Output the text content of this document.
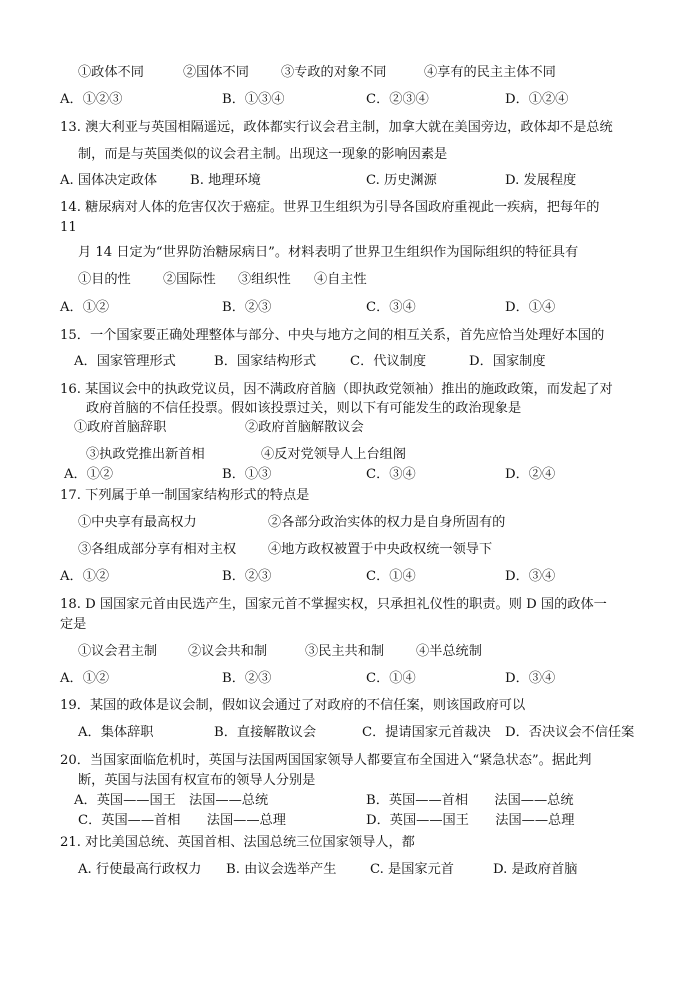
①政体不同	②国体不同 ③专政的对象不同	④享有的民主主体不同
A．①②③	B．①③④	C．②③④	D．①②④
13. 澳大利亚与英国相隔遥远，政体都实行议会君主制，加拿大就在美国旁边，政体却不是总统
制，而是与英国类似的议会君主制。出现这一现象的影响因素是
A. 国体决定政体 B. 地理环境	C. 历史渊源	D. 发展程度
14. 糖尿病对人体的危害仅次于癌症。世界卫生组织为引导各国政府重视此一疾病，把每年的
11
月 14 日定为“世界防治糖尿病日”。材料表明了世界卫生组织作为国际组织的特征具有
①目的性 ②国际性 ③组织性 ④自主性
A．①②	B．②③	C．③④	D．①④
15．一个国家要正确处理整体与部分、中央与地方之间的相互关系，首先应恰当处理好本国的
A．国家管理形式	B．国家结构形式	C．代议制度	D．国家制度
16. 某国议会中的执政党议员，因不满政府首脑（即执政党领袖）推出的施政政策，而发起了对
政府首脑的不信任投票。假如该投票过关，则以下有可能发生的政治现象是
①政府首脑辞职	②政府首脑解散议会
③执政党推出新首相	④反对党领导人上台组阁
A．①②	B．①③	C．③④	D．②④
17. 下列属于单一制国家结构形式的特点是
①中央享有最高权力	②各部分政治实体的权力是自身所固有的
③各组成部分享有相对主权 ④地方政权被置于中央政权统一领导下
A．①②	B．②③	C．①④	D．③④
18. D 国国家元首由民选产生，国家元首不掌握实权，只承担礼仪性的职责。则 D 国的政体一
定是
①议会君主制 ②议会共和制	③民主共和制 ④半总统制
A．①②	B．②③	C．①④	D．③④
19．某国的政体是议会制，假如议会通过了对政府的不信任案，则该国政府可以
A．集体辞职	B．直接解散议会	C．提请国家元首裁决 D．否决议会不信任案
20．当国家面临危机时，英国与法国两国国家领导人都要宣布全国进入“紧急状态”。据此判
断，英国与法国有权宣布的领导人分别是
A．英国——国王　法国——总统	B．英国——首相　　法国——总统
C．英国——首相　　法国——总理	D．英国——国王　　法国——总理
21. 对比美国总统、英国首相、法国总统三位国家领导人，都
A. 行使最高行政权力 B. 由议会选举产生	C. 是国家元首	D. 是政府首脑
